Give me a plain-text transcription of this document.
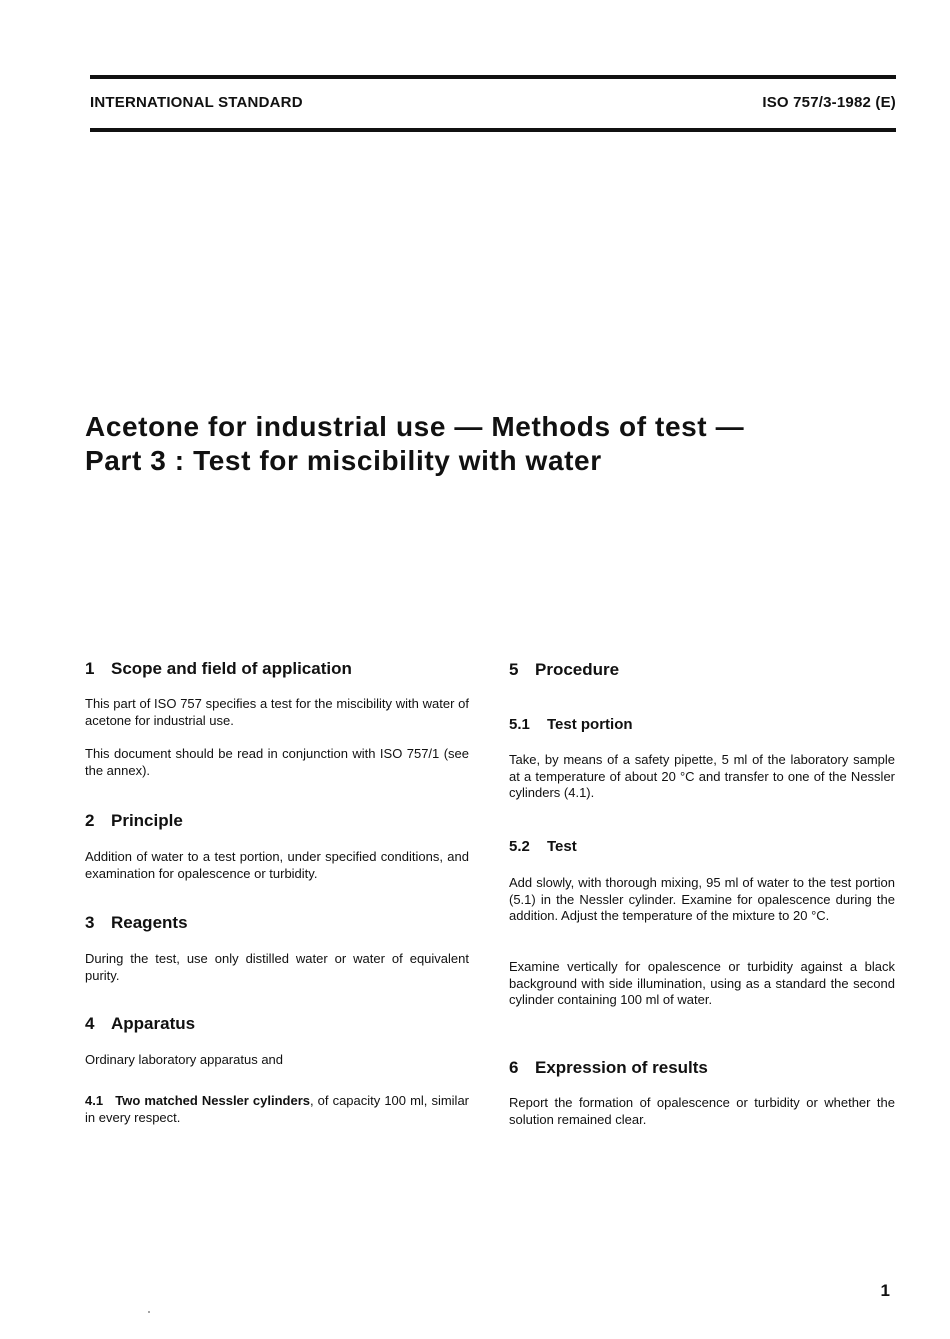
INTERNATIONAL STANDARD	ISO 757/3-1982 (E)
Acetone for industrial use — Methods of test —
Part 3 : Test for miscibility with water
1 Scope and field of application
This part of ISO 757 specifies a test for the miscibility with water of acetone for industrial use.
This document should be read in conjunction with ISO 757/1 (see the annex).
2 Principle
Addition of water to a test portion, under specified conditions, and examination for opalescence or turbidity.
3 Reagents
During the test, use only distilled water or water of equivalent purity.
4 Apparatus
Ordinary laboratory apparatus and
4.1 Two matched Nessler cylinders, of capacity 100 ml, similar in every respect.
5 Procedure
5.1 Test portion
Take, by means of a safety pipette, 5 ml of the laboratory sample at a temperature of about 20 °C and transfer to one of the Nessler cylinders (4.1).
5.2 Test
Add slowly, with thorough mixing, 95 ml of water to the test portion (5.1) in the Nessler cylinder. Examine for opalescence during the addition. Adjust the temperature of the mixture to 20 °C.
Examine vertically for opalescence or turbidity against a black background with side illumination, using as a standard the second cylinder containing 100 ml of water.
6 Expression of results
Report the formation of opalescence or turbidity or whether the solution remained clear.
1
